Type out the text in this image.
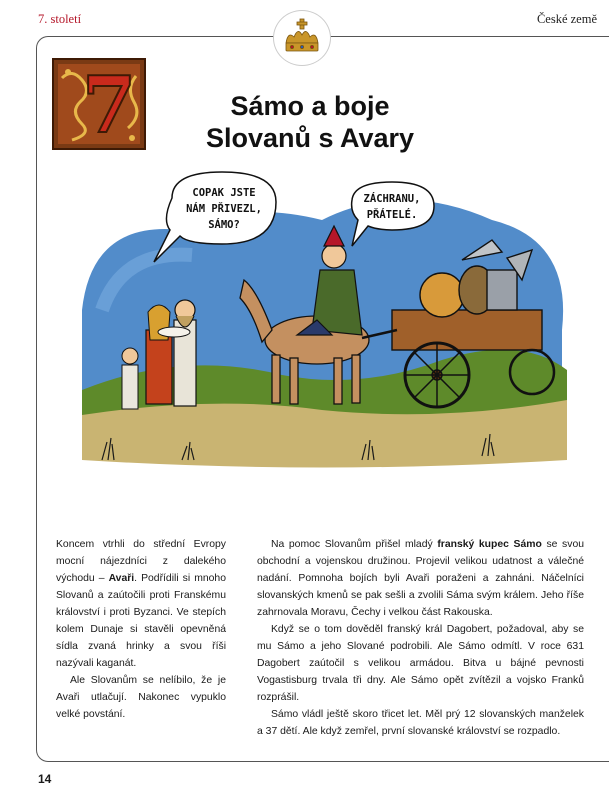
7. století	České země
7	Sámo a boje
Slovanů s Avary
COPAK JSTE
NÁM PŘIVEZL,
SÁMO?
ZÁCHRANU,
PŘÁTELÉ.

Koncem vtrhli do střední Evropy mocní nájezdníci z dalekého východu – Avaři. Podřídili si mnoho Slovanů a zaútočili proti Franskému království i proti Byzanci. Ve stepích kolem Dunaje si stavěli opevněná sídla zvaná hrinky a svou říši nazývali kaganát.

Ale Slovanům se nelíbilo, že je Avaři utlačují. Nakonec vypuklo velké povstání.

Na pomoc Slovanům přišel mladý franský kupec Sámo se svou obchodní a vojenskou družinou. Projevil velikou udatnost a válečné nadání. Pomnoha bojích byli Avaři poraženi a zahnáni. Náčelníci slovanských kmenů se pak sešli a zvolili Sáma svým králem. Jeho říše zahrnovala Moravu, Čechy i velkou část Rakouska.

Když se o tom dověděl franský král Dagobert, požadoval, aby se mu Sámo a jeho Slované podrobili. Ale Sámo odmítl. V roce 631 Dagobert zaútočil s velikou armádou. Bitva u bájné pevnosti Vogastisburg trvala tři dny. Ale Sámo opět zvítězil a vojsko Franků rozprášil.

Sámo vládl ještě skoro třicet let. Měl prý 12 slovanských manželek a 37 dětí. Ale když zemřel, první slovanské království se rozpadlo.

14
